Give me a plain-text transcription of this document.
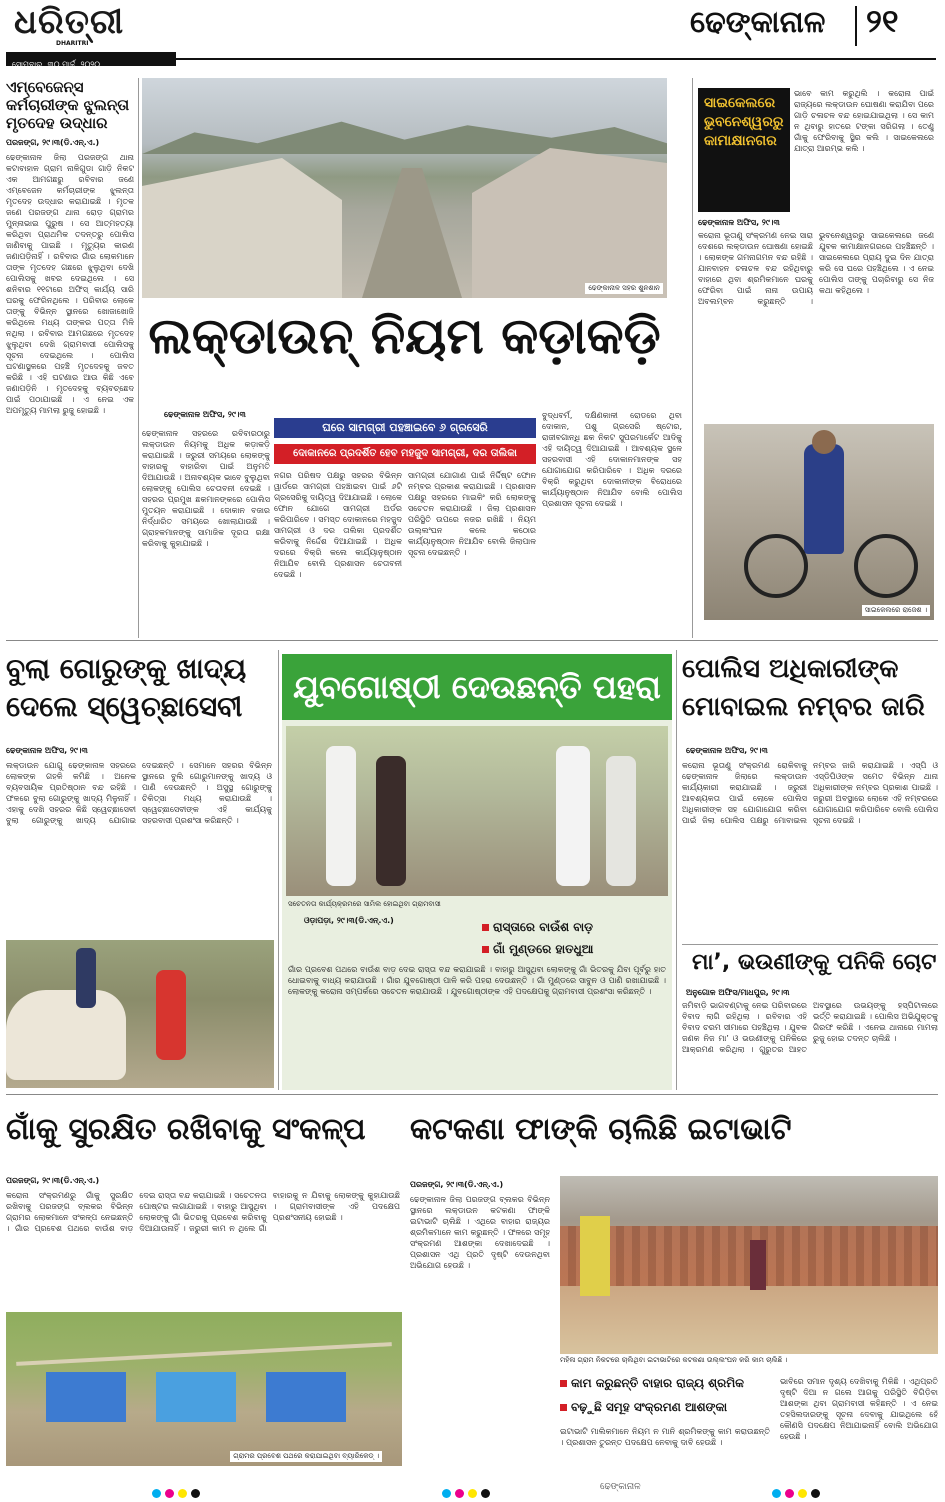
ଧରିତ୍ରୀ
DHARITRI
ସୋମବାର, ୩୦ ମାର୍ଚ୍ଚ, ୨୦୨୦
ଢେଙ୍କାନାଳ ୨୧
ଏମ୍ବେଜେନ୍ସ କର୍ମଚାରୀଙ୍କ ଝୁଲନ୍ତା ମୃତଦେହ ଉଦ୍ଧାର
ପରଜଙ୍ଗ, ୨୯।୩(ଡି.ଏନ୍.ଏ.)
ଢେଙ୍କାନାଳ ଜିଲା ପରଜଙ୍ଗ ଥାନା କଟାବାହାଳ ଗ୍ରାମ ନାଳିଗୁଡା ଗାଡ଼ି ନିକଟ ଏକ ଆମଗଛରୁ ରବିବାର ଜଣେ ଏମ୍ବେଜେନ କର୍ମଚାରୀଙ୍କ ଝୁଲନ୍ତା ମୃତଦେହ ଉଦ୍ଧାର କରାଯାଇଛି । ମୃତକ ଜଣେ ପରଜଙ୍ଗ ଥାନା ରୋଡ଼ ଗ୍ରାମର ମୁନ୍ନାଭାଇ ପୁରୁଷ । ସେ ଆତ୍ମହତ୍ୟା କରିଥିବା ପ୍ରାଥମିକ ତଦନ୍ତରୁ ପୋଲିସ ଜାଣିବାକୁ ପାଇଛି । ମୃତ୍ୟୁର କାରଣ ଜଣାପଡ଼ିନାହିଁ । ରବିବାର ଗାଁର ଲୋକମାନେ ତାଙ୍କ ମୃତଦେହ ଗଛରେ ଝୁଲୁଥିବା ଦେଖି ପୋଲିସକୁ ଖବର ଦେଇଥିଲେ । ସେ ଶନିବାର ୧୧ଟାରେ ଅଫିସ୍ କାର୍ଯ୍ୟ ସାରି ଘରକୁ ଫେରିନଥିଲେ । ପରିବାର ଲୋକେ ତାଙ୍କୁ ବିଭିନ୍ନ ସ୍ଥାନରେ ଖୋଜାଖୋଜି କରିଥିଲେ ମଧ୍ୟ ତାଙ୍କର ପତ୍ତା ମିଳି ନଥିଲା । ରବିବାର ଆମଗଛରେ ମୃତଦେହ ଝୁଲୁଥିବା ଦେଖି ଗ୍ରାମବାସୀ ପୋଲିସକୁ ସୂଚନା ଦେଇଥିଲେ । ପୋଲିସ ଘଟଣାସ୍ଥଳରେ ପହଞ୍ଚି ମୃତଦେହକୁ ଜବତ କରିଛି । ଏହି ଘଟଣାର ଆଉ କିଛି ଏବେ ଜଣାପଡ଼ିନି । ମୃତଦେହକୁ ବ୍ୟବଚ୍ଛେଦ ପାଇଁ ପଠାଯାଇଛି । ଏ ନେଇ ଏକ ଅପମୃତ୍ୟୁ ମାମଲା ରୁଜୁ ହୋଇଛି ।
ଢେଙ୍କାନାଳ ସହର ଶୁନଶାନ
ଲକ୍‌ଡାଉନ୍ ନିୟମ କଡ଼ାକଡ଼ି
ଢେଙ୍କାନାଳ ଅଫିସ, ୨୯।୩
ଘରେ ସାମଗ୍ରୀ ପହଞ୍ଚାଇବେ ୬ ଗ୍ରସେରି
ଦୋକାନରେ ପ୍ରଦର୍ଶିତ ହେବ ମହଜୁଦ ସାମଗ୍ରୀ, ଦର ତାଲିକା
ଢେଙ୍କାନାଳ ସହରରେ ରବିବାରଠାରୁ ଲକ୍‌ଡାଉନ ନିୟମକୁ ଅଧିକ କଡ଼ାକଡ଼ି କରାଯାଇଛି । ଜରୁରୀ ସମୟରେ ଲୋକଙ୍କୁ ବାହାରକୁ ବାହାରିବା ପାଇଁ ଅନୁମତି ଦିଆଯାଉଛି । ଅନାବଶ୍ୟକ ଭାବେ ବୁଲୁଥିବା ଲୋକଙ୍କୁ ପୋଲିସ ଚେତାବନୀ ଦେଇଛି । ସହରର ପ୍ରମୁଖ ଛକମାନଙ୍କରେ ପୋଲିସ ମୁତୟନ କରାଯାଇଛି । ଦୋକାନ ବଜାର ନିର୍ଦ୍ଧାରିତ ସମୟରେ ଖୋଲାଯାଉଛି । ଗ୍ରାହକମାନଙ୍କୁ ସାମାଜିକ ଦୂରତା ରକ୍ଷା କରିବାକୁ କୁହାଯାଇଛି ।
ନଗର ପରିଷଦ ପକ୍ଷରୁ ସହରର ବିଭିନ୍ନ ୱାର୍ଡରେ ସାମଗ୍ରୀ ପହଞ୍ଚାଇବା ପାଇଁ ୬ଟି ଗ୍ରସେରିକୁ ଦାୟିତ୍ୱ ଦିଆଯାଇଛି । ଲୋକେ ଫୋନ ଯୋଗେ ସାମଗ୍ରୀ ଅର୍ଡର କରିପାରିବେ । ସମସ୍ତ ଦୋକାନରେ ମହଜୁଦ ସାମଗ୍ରୀ ଓ ଦର ତାଲିକା ପ୍ରଦର୍ଶିତ କରିବାକୁ ନିର୍ଦ୍ଦେଶ ଦିଆଯାଇଛି । ଅଧିକ ଦରରେ ବିକ୍ରି କଲେ କାର୍ଯ୍ୟାନୁଷ୍ଠାନ ନିଆଯିବ ବୋଲି ପ୍ରଶାସନ ଚେତାବନୀ ଦେଇଛି ।
ସାମଗ୍ରୀ ଯୋଗାଣ ପାଇଁ ନିର୍ଦ୍ଦିଷ୍ଟ ଫୋନ ନମ୍ବର ପ୍ରକାଶ କରାଯାଇଛି । ପ୍ରଶାସନ ପକ୍ଷରୁ ସହରରେ ମାଇକିଂ କରି ଲୋକଙ୍କୁ ସଚେତନ କରାଯାଉଛି । ଜିଲା ପ୍ରଶାସନ ପରିସ୍ଥିତି ଉପରେ ନଜର ରଖିଛି । ନିୟମ ଉଲ୍ଲଂଘନ କଲେ କଠୋର କାର୍ଯ୍ୟାନୁଷ୍ଠାନ ନିଆଯିବ ବୋଲି ଜିଲାପାଳ ସୂଚନା ଦେଇଛନ୍ତି ।
ବୁଦ୍ଧବର୍ମ, ଦକ୍ଷିଣକାଳୀ ରୋଡରେ ଥିବା ଦୋକାନ, ପଶୁ ଗ୍ରସେରି ଷ୍ଟୋର, ରାଜୀବଗାନ୍ଧି ଛକ ନିକଟ ସୁପରମାର୍କେଟ ଆଦିକୁ ଏହି ଦାୟିତ୍ୱ ଦିଆଯାଇଛି । ଆବଶ୍ୟକ ସ୍ଥଳେ ସହରବାସୀ ଏହି ଦୋକାନମାନଙ୍କ ସହ ଯୋଗାଯୋଗ କରିପାରିବେ । ଅଧିକ ଦରରେ ବିକ୍ରି କରୁଥିବା ଦୋକାନୀଙ୍କ ବିରୋଧରେ କାର୍ଯ୍ୟାନୁଷ୍ଠାନ ନିଆଯିବ ବୋଲି ପୋଲିସ ପ୍ରଶାସନ ସୂଚନା ଦେଇଛି ।
ସାଇକେଲରେ ଭୁବନେଶ୍ୱରରୁ କାମାକ୍ଷାନଗର
ଭାବେ କାମ କରୁଥିଲି । କରୋନା ପାଇଁ ରାଜ୍ୟରେ ଲକ୍‌ଡାଉନ ଘୋଷଣା କରାଯିବା ପରେ ଗାଡ଼ି ଚଳାଚଳ ବନ୍ଦ ହୋଇଯାଇଥିଲା । ସେ କାମ ନ ଥିବାରୁ ହାତରେ ଟଙ୍କା ସରିଗଲା । ତେଣୁ ଗାଁକୁ ଫେରିବାକୁ ସ୍ଥିର କଲି । ସାଇକେଲରେ ଯାତ୍ରା ଆରମ୍ଭ କଲି ।
ଢେଙ୍କାନାଳ ଅଫିସ, ୨୯।୩
କରୋନା ଭୂତାଣୁ ସଂକ୍ରମଣ ନେଇ ସାରା ଦେଶରେ ଲକ୍‌ଡାଉନ ଘୋଷଣା ହୋଇଛି । ଲୋକଙ୍କ ଗମନାଗମନ ବନ୍ଦ ରହିଛି । ଯାନବାହନ ଚଳାଚଳ ବନ୍ଦ ରହିଥିବାରୁ ବାହାରେ ଥିବା ଶ୍ରମିକମାନେ ଘରକୁ ଫେରିବା ପାଇଁ ନାନା ଉପାୟ ଅବଲମ୍ବନ କରୁଛନ୍ତି । ଭୁବନେଶ୍ୱରରୁ ସାଇକେଲରେ ଜଣେ ଯୁବକ କାମାକ୍ଷାନଗରରେ ପହଞ୍ଚିଛନ୍ତି । ସାଇକେଲରେ ପ୍ରାୟ ଦୁଇ ଦିନ ଯାତ୍ରା କରି ସେ ଘରେ ପହଞ୍ଚିଥିଲେ । ଏ ନେଇ ପୋଲିସ ତାଙ୍କୁ ପଚାରିବାରୁ ସେ ନିଜ କଥା କହିଥିଲେ ।
ସାଇକେଲରେ ରାଜେଶ ।
ବୁଲା ଗୋରୁଙ୍କୁ ଖାଦ୍ୟ ଦେଲେ ସ୍ୱେଚ୍ଛାସେବୀ
ଢେଙ୍କାନାଳ ଅଫିସ, ୨୯।୩
ଲକ୍‌ଡାଉନ ଯୋଗୁ ଢେଙ୍କାନାଳ ସହରରେ ଲୋକଙ୍କ ଗହଳି କମିଛି । ଅନେକ ବ୍ୟବସାୟିକ ପ୍ରତିଷ୍ଠାନ ବନ୍ଦ ରହିଛି । ଫଳରେ ବୁଲା ଗୋରୁଙ୍କୁ ଖାଦ୍ୟ ମିଳୁନାହିଁ । ଏହାକୁ ଦେଖି ସହରର କିଛି ସ୍ୱେଚ୍ଛାସେବୀ ବୁଲା ଗୋରୁଙ୍କୁ ଖାଦ୍ୟ ଯୋଗାଇ ଦେଇଛନ୍ତି । ସେମାନେ ସହରର ବିଭିନ୍ନ ସ୍ଥାନରେ ବୁଲି ଗୋରୁମାନଙ୍କୁ ଖାଦ୍ୟ ଓ ପାଣି ଦେଉଛନ୍ତି । ଅସୁସ୍ଥ ଗୋରୁଙ୍କୁ ଚିକିତ୍ସା ମଧ୍ୟ କରାଯାଉଛି । ସ୍ୱେଚ୍ଛାସେବୀଙ୍କ ଏହି କାର୍ଯ୍ୟକୁ ସହରବାସୀ ପ୍ରଶଂସା କରିଛନ୍ତି ।
ଯୁବଗୋଷ୍ଠୀ ଦେଉଛନ୍ତି ପହରା
ସଚେତନତା କାର୍ଯ୍ୟକ୍ରମରେ ସାମିଲ ହୋଇଥିବା ଗ୍ରାମବାସୀ
ଓଡ଼ାପଡ଼ା, ୨୯।୩(ଡି.ଏନ୍.ଏ.)	ରାସ୍ତାରେ ବାଉଁଶ ବାଡ଼
ଗାଁ ମୁଣ୍ଡରେ ହାତଧୁଆ
ଗାଁର ପ୍ରବେଶ ପଥରେ ବାଉଁଶ ବାଡ଼ ଦେଇ ରାସ୍ତା ବନ୍ଦ କରାଯାଇଛି । ବାହାରୁ ଆସୁଥିବା ଲୋକଙ୍କୁ ଗାଁ ଭିତରକୁ ଯିବା ପୂର୍ବରୁ ହାତ ଧୋଇବାକୁ ବାଧ୍ୟ କରାଯାଉଛି । ଗାଁର ଯୁବଗୋଷ୍ଠୀ ପାଳି କରି ପହରା ଦେଉଛନ୍ତି । ଗାଁ ମୁଣ୍ଡରେ ସାବୁନ ଓ ପାଣି ରଖାଯାଇଛି । ଲୋକଙ୍କୁ କରୋନା ସମ୍ପର୍କରେ ସଚେତନ କରାଯାଉଛି । ଯୁବଗୋଷ୍ଠୀଙ୍କ ଏହି ପଦକ୍ଷେପକୁ ଗ୍ରାମବାସୀ ପ୍ରଶଂସା କରିଛନ୍ତି ।
ପୋଲିସ ଅଧିକାରୀଙ୍କ ମୋବାଇଲ ନମ୍ବର ଜାରି
ଢେଙ୍କାନାଳ ଅଫିସ, ୨୯।୩
କରୋନା ଭୂତାଣୁ ସଂକ୍ରମଣ ରୋକିବାକୁ ଢେଙ୍କାନାଳ ଜିଲାରେ ଲକ୍‌ଡାଉନ କାର୍ଯ୍ୟକାରୀ କରାଯାଇଛି । ଜରୁରୀ ଆବଶ୍ୟକତା ପାଇଁ ଲୋକେ ପୋଲିସ ଅଧିକାରୀଙ୍କ ସହ ଯୋଗାଯୋଗ କରିବା ପାଇଁ ଜିଲା ପୋଲିସ ପକ୍ଷରୁ ମୋବାଇଲ ନମ୍ବର ଜାରି କରାଯାଇଛି । ଏସ୍‌ପି ଓ ଏସ୍‌ଡିପିଓଙ୍କ ସମେତ ବିଭିନ୍ନ ଥାନା ଅଧିକାରୀଙ୍କ ନମ୍ବର ପ୍ରକାଶ ପାଇଛି । ଜରୁରୀ ଅବସ୍ଥାରେ ଲୋକେ ଏହି ନମ୍ବରରେ ଯୋଗାଯୋଗ କରିପାରିବେ ବୋଲି ପୋଲିସ ସୂଚନା ଦେଇଛି ।
ମା’, ଭଉଣୀଙ୍କୁ ପନିକି ଚୋଟ
ଅନୁଗୋଳ ଅଫିସ/ମାଧପୁର, ୨୯।୩
ଜମିବାଡ଼ି ଭାଗବଣ୍ଟାକୁ ନେଇ ପରିବାରରେ ବିବାଦ ଲାଗି ରହିଥିଲା । ରବିବାର ଏହି ବିବାଦ ଚରମ ସୀମାରେ ପହଞ୍ଚିଥିଲା । ଯୁବକ ଜଣକ ନିଜ ମା’ ଓ ଭଉଣୀଙ୍କୁ ପନିକିରେ ଆକ୍ରମଣ କରିଥିଲା । ଗୁରୁତର ଆହତ ଅବସ୍ଥାରେ ଉଭୟଙ୍କୁ ହସ୍ପିଟାଲରେ ଭର୍ତ୍ତି କରାଯାଇଛି । ପୋଲିସ ଅଭିଯୁକ୍ତକୁ ଗିରଫ କରିଛି । ଏନେଇ ଥାନାରେ ମାମଲା ରୁଜୁ ହୋଇ ତଦନ୍ତ ଚାଲିଛି ।
ଗାଁକୁ ସୁରକ୍ଷିତ ରଖିବାକୁ ସଂକଳ୍ପ
ପରଜଙ୍ଗ, ୨୯।୩(ଡି.ଏନ୍.ଏ.)
କରୋନା ସଂକ୍ରମଣରୁ ଗାଁକୁ ସୁରକ୍ଷିତ ରଖିବାକୁ ପରଜଙ୍ଗ ବ୍ଲକର ବିଭିନ୍ନ ଗ୍ରାମର ଲୋକମାନେ ସଂକଳ୍ପ ନେଇଛନ୍ତି । ଗାଁର ପ୍ରବେଶ ପଥରେ ବାଉଁଶ ବାଡ଼ ଦେଇ ରାସ୍ତା ବନ୍ଦ କରାଯାଇଛି । ସଚେତନତା ପୋଷ୍ଟର ଲଗାଯାଇଛି । ବାହାରୁ ଆସୁଥିବା ଲୋକଙ୍କୁ ଗାଁ ଭିତରକୁ ପ୍ରବେଶ କରିବାକୁ ଦିଆଯାଉନାହିଁ । ଜରୁରୀ କାମ ନ ଥିଲେ ଗାଁ ବାହାରକୁ ନ ଯିବାକୁ ଲୋକଙ୍କୁ କୁହାଯାଉଛି । ଗ୍ରାମବାସୀଙ୍କ ଏହି ପଦକ୍ଷେପ ପ୍ରଶଂସନୀୟ ହୋଇଛି ।
ଗ୍ରାମର ପ୍ରବେଶ ପଥରେ କରାଯାଇଥିବା ବ୍ୟାରିକେଡ୍ ।
କଟକଣା ଫାଙ୍କି ଚାଲିଛି ଇଟାଭାଟି
ପରଜଙ୍ଗ, ୨୯।୩(ଡି.ଏନ୍.ଏ.)
ଢେଙ୍କାନାଳ ଜିଲା ପରଜଙ୍ଗ ବ୍ଲକର ବିଭିନ୍ନ ସ୍ଥାନରେ ଲକ୍‌ଡାଉନ କଟକଣା ଫାଙ୍କି ଇଟାଭାଟି ଚାଲିଛି । ଏଥିରେ ବାହାର ରାଜ୍ୟର ଶ୍ରମିକମାନେ କାମ କରୁଛନ୍ତି । ଫଳରେ ସମୂହ ସଂକ୍ରମଣ ଆଶଙ୍କା ଦେଖାଦେଇଛି । ପ୍ରଶାସନ ଏଥି ପ୍ରତି ଦୃଷ୍ଟି ଦେଉନଥିବା ଅଭିଯୋଗ ହେଉଛି ।
ମହିଳା ଗ୍ରାମ ନିକଟରେ ଚାଲିଥିବା ଇଟାଭାଟିରେ କଟକଣା ଉଲ୍ଲଂଘନ କରି କାମ ଚାଲିଛି ।
କାମ କରୁଛନ୍ତି ବାହାର ରାଜ୍ୟ ଶ୍ରମିକ
ବଢ଼ୁଛି ସମୂହ ସଂକ୍ରମଣ ଆଶଙ୍କା
ଇଟାଭାଟି ମାଲିକମାନେ ନିୟମ ନ ମାନି ଶ୍ରମିକଙ୍କୁ କାମ କରାଉଛନ୍ତି । ପ୍ରଶାସନ ତୁରନ୍ତ ପଦକ୍ଷେପ ନେବାକୁ ଦାବି ହେଉଛି ।
ଭାବିରେ ସମାନ ଦୃଶ୍ୟ ଦେଖିବାକୁ ମିଳିଛି । ଏଥିପ୍ରତି ଦୃଷ୍ଟି ଦିଆ ନ ଗଲେ ଆଗକୁ ପରିସ୍ଥିତି ବିଗିଡ଼ିବା ଆଶଙ୍କା ଥିବା ଗ୍ରାମବାସୀ କହିଛନ୍ତି । ଏ ନେଇ ତହସିଲଦାରଙ୍କୁ ସୂଚନା ଦେବାକୁ ଯାଇଥିଲେ ହେଁ କୌଣସି ପଦକ୍ଷେପ ନିଆଯାଇନାହିଁ ବୋଲି ଅଭିଯୋଗ ହେଉଛି ।
ଢେଙ୍କାନାଳ
